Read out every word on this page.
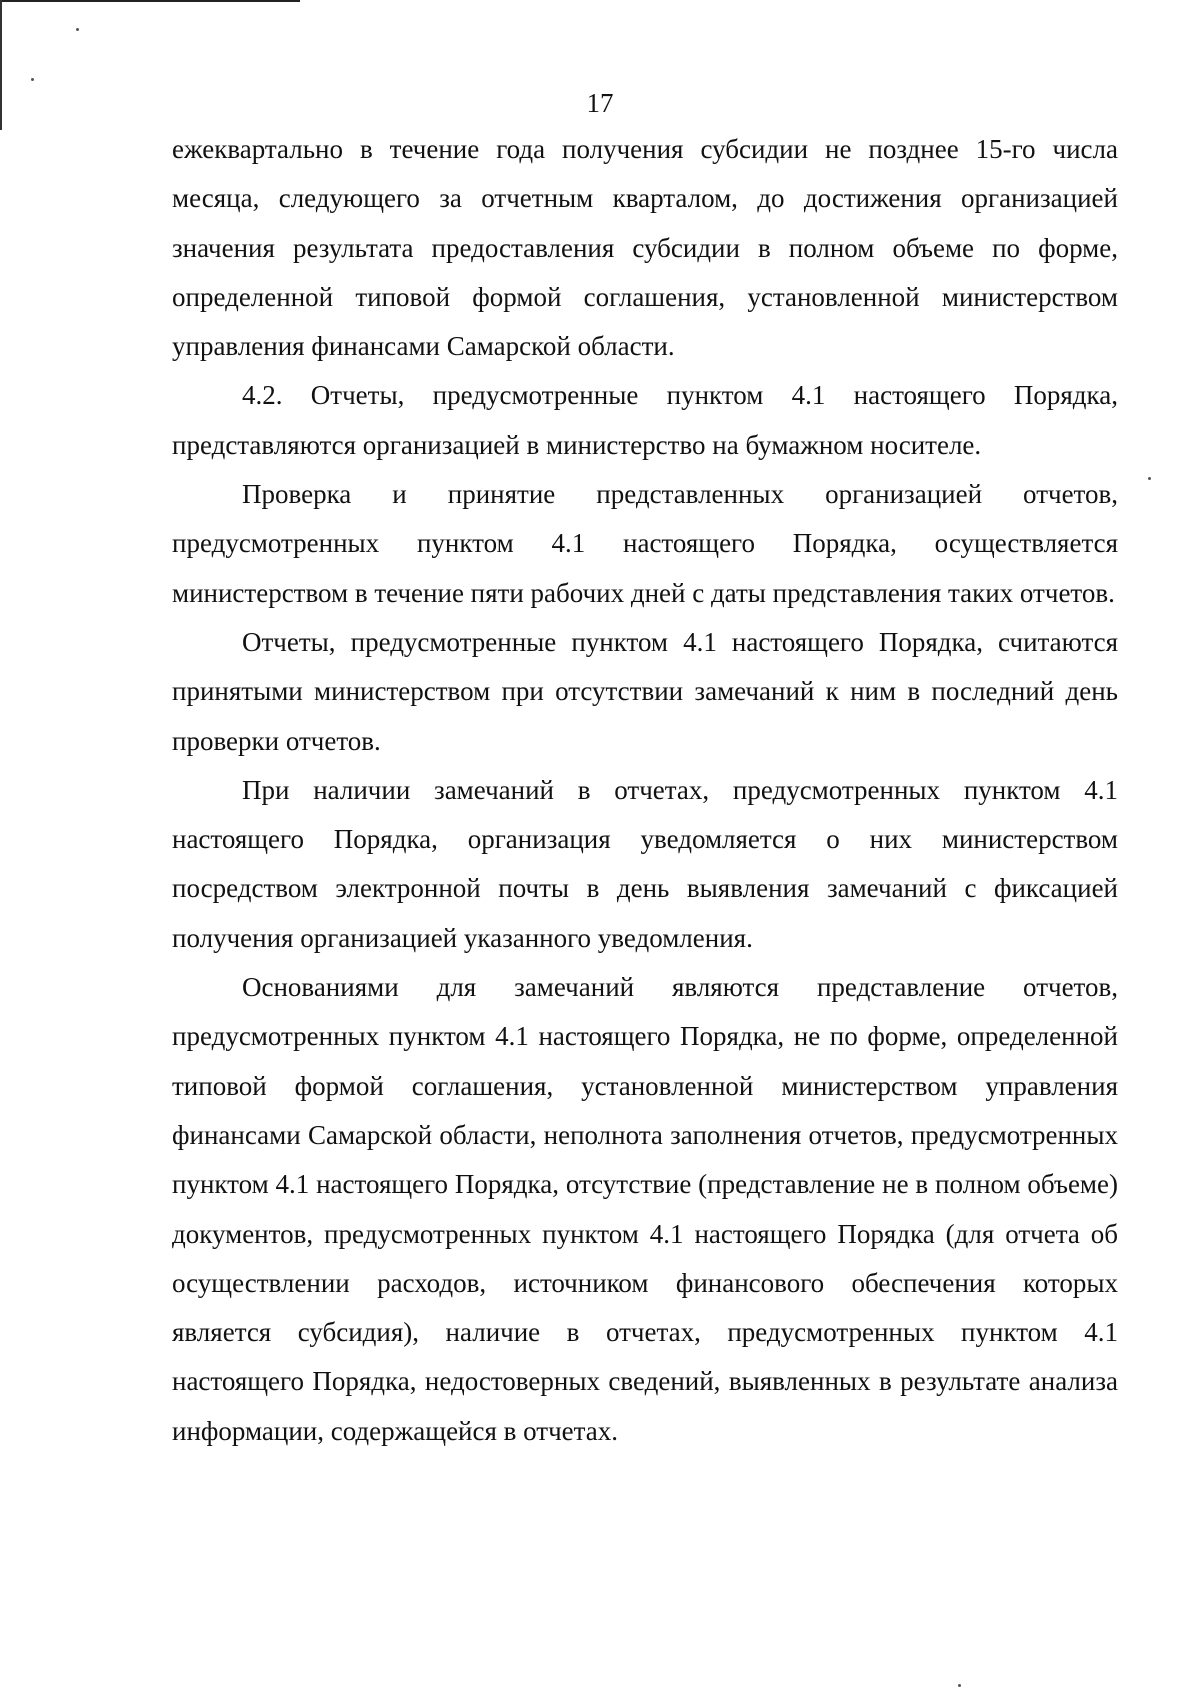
17

ежеквартально в течение года получения субсидии не позднее 15-го числа месяца, следующего за отчетным кварталом, до достижения организацией значения результата предоставления субсидии в полном объеме по форме, определенной типовой формой соглашения, установленной министерством управления финансами Самарской области.

4.2. Отчеты, предусмотренные пунктом 4.1 настоящего Порядка, представляются организацией в министерство на бумажном носителе.

Проверка и принятие представленных организацией отчетов, предусмотренных пунктом 4.1 настоящего Порядка, осуществляется министерством в течение пяти рабочих дней с даты представления таких отчетов.

Отчеты, предусмотренные пунктом 4.1 настоящего Порядка, считаются принятыми министерством при отсутствии замечаний к ним в последний день проверки отчетов.

При наличии замечаний в отчетах, предусмотренных пунктом 4.1 настоящего Порядка, организация уведомляется о них министерством посредством электронной почты в день выявления замечаний с фиксацией получения организацией указанного уведомления.

Основаниями для замечаний являются представление отчетов, предусмотренных пунктом 4.1 настоящего Порядка, не по форме, определенной типовой формой соглашения, установленной министерством управления финансами Самарской области, неполнота заполнения отчетов, предусмотренных пунктом 4.1 настоящего Порядка, отсутствие (представление не в полном объеме) документов, предусмотренных пунктом 4.1 настоящего Порядка (для отчета об осуществлении расходов, источником финансового обеспечения которых является субсидия), наличие в отчетах, предусмотренных пунктом 4.1 настоящего Порядка, недостоверных сведений, выявленных в результате анализа информации, содержащейся в отчетах.
